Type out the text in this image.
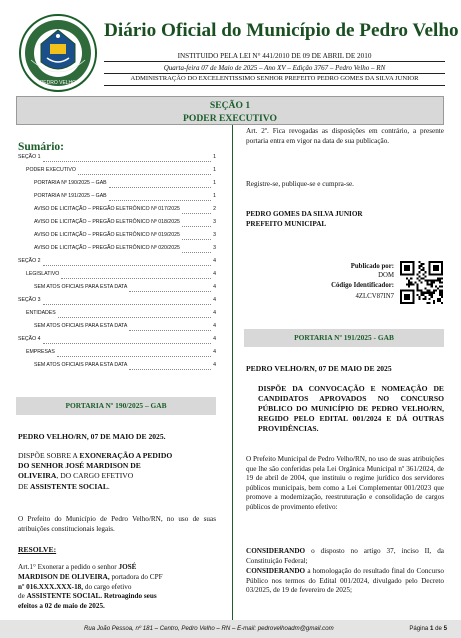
PEDRO VELHO
Diário Oficial do Município de Pedro Velho
INSTITUIDO PELA LEI N° 441/2010 DE 09 DE ABRIL DE 2010
Quarta-feira 07 de Maio de 2025 – Ano XV – Edição 3767 – Pedro Velho – RN
ADMINISTRAÇÃO DO EXCELENTISSIMO SENHOR PREFEITO PEDRO GOMES DA SILVA JUNIOR
SEÇÃO 1
PODER EXECUTIVO
Sumário:
SEÇÃO 1	1
PODER EXECUTIVO	1
PORTARIA Nº 190/2025 – GAB	1
PORTARIA Nº 191/2025 – GAB	1
AVISO DE LICITAÇÃO – PREGÃO ELETRÔNICO Nº 017/2025	2
AVISO DE LICITAÇÃO – PREGÃO ELETRÔNICO Nº 018/2025	3
AVISO DE LICITAÇÃO – PREGÃO ELETRÔNICO Nº 019/2025	3
AVISO DE LICITAÇÃO – PREGÃO ELETRÔNICO Nº 020/2025	3
SEÇÃO 2	4
LEGISLATIVO	4
SEM ATOS OFICIAIS PARA ESTA DATA	4
SEÇÃO 3	4
ENTIDADES	4
SEM ATOS OFICIAIS PARA ESTA DATA	4
SEÇÃO 4	4
EMPRESAS	4
SEM ATOS OFICIAIS PARA ESTA DATA	4
PORTARIA Nº 190/2025 – GAB
PEDRO VELHO/RN, 07 DE MAIO DE 2025.
DISPÕE SOBRE A EXONERAÇÃO A PEDIDO
DO SENHOR JOSÉ MARDISON DE
OLIVEIRA, DO CARGO EFETIVO
DE ASSISTENTE SOCIAL.
O Prefeito do Município de Pedro Velho/RN, no uso de suas atribuições constitucionais legais.
RESOLVE:
Art.1° Exonerar a pedido o senhor JOSÉ
MARDISON DE OLIVEIRA, portadora do CPF
nº 016.XXX.XXX-18, do cargo efetivo
de ASSISTENTE SOCIAL. Retroagindo seus
efeitos a 02 de maio de 2025.
Art. 2º. Fica revogadas as disposições em contrário, a presente portaria entra em vigor na data de sua publicação.
Registre-se, publique-se e cumpra-se.
PEDRO GOMES DA SILVA JUNIOR
PREFEITO MUNICIPAL
Publicado por:
DOM
Código Identificador:
4ZLCV87IN7
PORTARIA Nº 191/2025 - GAB
PEDRO VELHO/RN, 07 DE MAIO DE 2025
DISPÕE DA CONVOCAÇÃO E NOMEAÇÃO DE CANDIDATOS APROVADOS NO CONCURSO PÚBLICO DO MUNICÍPIO DE PEDRO VELHO/RN, REGIDO PELO EDITAL 001/2024 E DÁ OUTRAS PROVIDÊNCIAS.
O Prefeito Municipal de Pedro Velho/RN, no uso de suas atribuições que lhe são conferidas pela Lei Orgânica Municipal nº 361/2024, de 19 de abril de 2004, que instituiu o regime jurídico dos servidores públicos municipais, bem como a Lei Complementar 001/2023 que promove a modernização, reestruturação e consolidação de cargos públicos de provimento efetivo:
CONSIDERANDO o disposto no artigo 37, inciso II, da Constituição Federal;
CONSIDERANDO a homologação do resultado final do Concurso Público nos termos do Edital 001/2024, divulgado pelo Decreto 03/2025, de 19 de fevereiro de 2025;
Rua João Pessoa, nº 181 – Centro, Pedro Velho – RN – E-mail: pedrovelhoadm@gmail.com	Página 1 de 5
